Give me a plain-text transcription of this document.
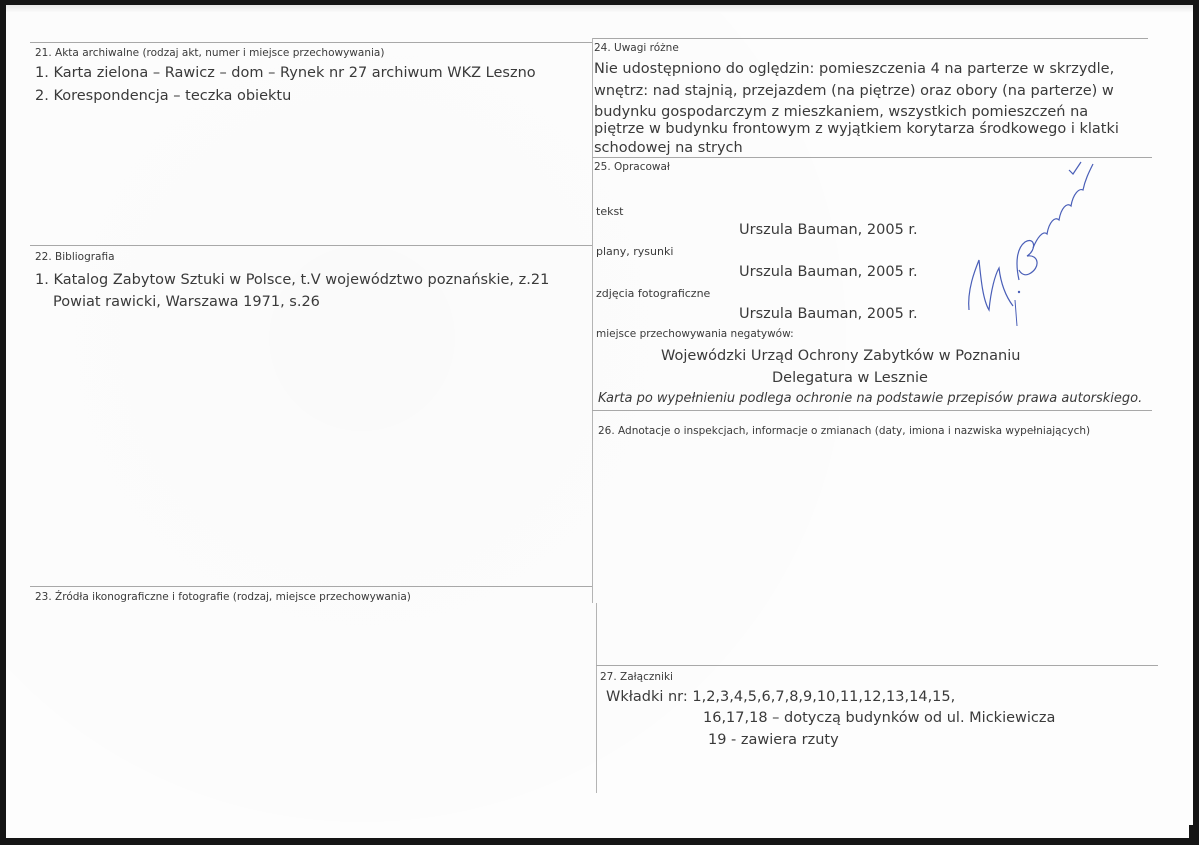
21. Akta archiwalne (rodzaj akt, numer i miejsce przechowywania)
1. Karta zielona – Rawicz – dom – Rynek nr 27 archiwum WKZ Leszno
2. Korespondencja – teczka obiektu
22. Bibliografia
1. Katalog Zabytow Sztuki w Polsce, t.V województwo poznańskie, z.21
Powiat rawicki, Warszawa 1971, s.26
23. Źródła ikonograficzne i fotografie (rodzaj, miejsce przechowywania)
24. Uwagi różne
Nie udostępniono do oględzin: pomieszczenia 4 na parterze w skrzydle,
wnętrz: nad stajnią, przejazdem (na piętrze) oraz obory (na parterze) w
budynku gospodarczym z mieszkaniem, wszystkich pomieszczeń na
piętrze w budynku frontowym z wyjątkiem korytarza środkowego i klatki
schodowej na strych
25. Opracował
tekst
Urszula Bauman, 2005 r.
plany, rysunki
Urszula Bauman, 2005 r.
zdjęcia fotograficzne
Urszula Bauman, 2005 r.
miejsce przechowywania negatywów:
Wojewódzki Urząd Ochrony Zabytków w Poznaniu
Delegatura w Lesznie
Karta po wypełnieniu podlega ochronie na podstawie przepisów prawa autorskiego.
26. Adnotacje o inspekcjach, informacje o zmianach (daty, imiona i nazwiska wypełniających)
27. Załączniki
Wkładki nr: 1,2,3,4,5,6,7,8,9,10,11,12,13,14,15,
16,17,18 – dotyczą budynków od ul. Mickiewicza
19 - zawiera rzuty
